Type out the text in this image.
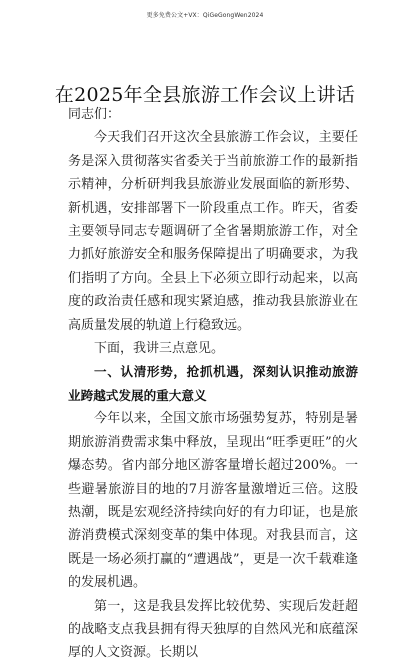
更多免费公文+VX：QiGeGongWen2024
在2025年全县旅游工作会议上讲话

同志们：

今天我们召开这次全县旅游工作会议，主要任务是深入贯彻落实省委关于当前旅游工作的最新指示精神，分析研判我县旅游业发展面临的新形势、新机遇，安排部署下一阶段重点工作。昨天，省委主要领导同志专题调研了全省暑期旅游工作，对全力抓好旅游安全和服务保障提出了明确要求，为我们指明了方向。全县上下必须立即行动起来，以高度的政治责任感和现实紧迫感，推动我县旅游业在高质量发展的轨道上行稳致远。

下面，我讲三点意见。

一、认清形势，抢抓机遇，深刻认识推动旅游业跨越式发展的重大意义

今年以来，全国文旅市场强势复苏，特别是暑期旅游消费需求集中释放，呈现出“旺季更旺”的火爆态势。省内部分地区游客量增长超过200%。一些避暑旅游目的地的7月游客量激增近三倍。这股热潮，既是宏观经济持续向好的有力印证，也是旅游消费模式深刻变革的集中体现。对我县而言，这既是一场必须打赢的“遭遇战”，更是一次千载难逢的发展机遇。

第一，这是我县发挥比较优势、实现后发赶超的战略支点我县拥有得天独厚的自然风光和底蕴深厚的人文资源。长期以
